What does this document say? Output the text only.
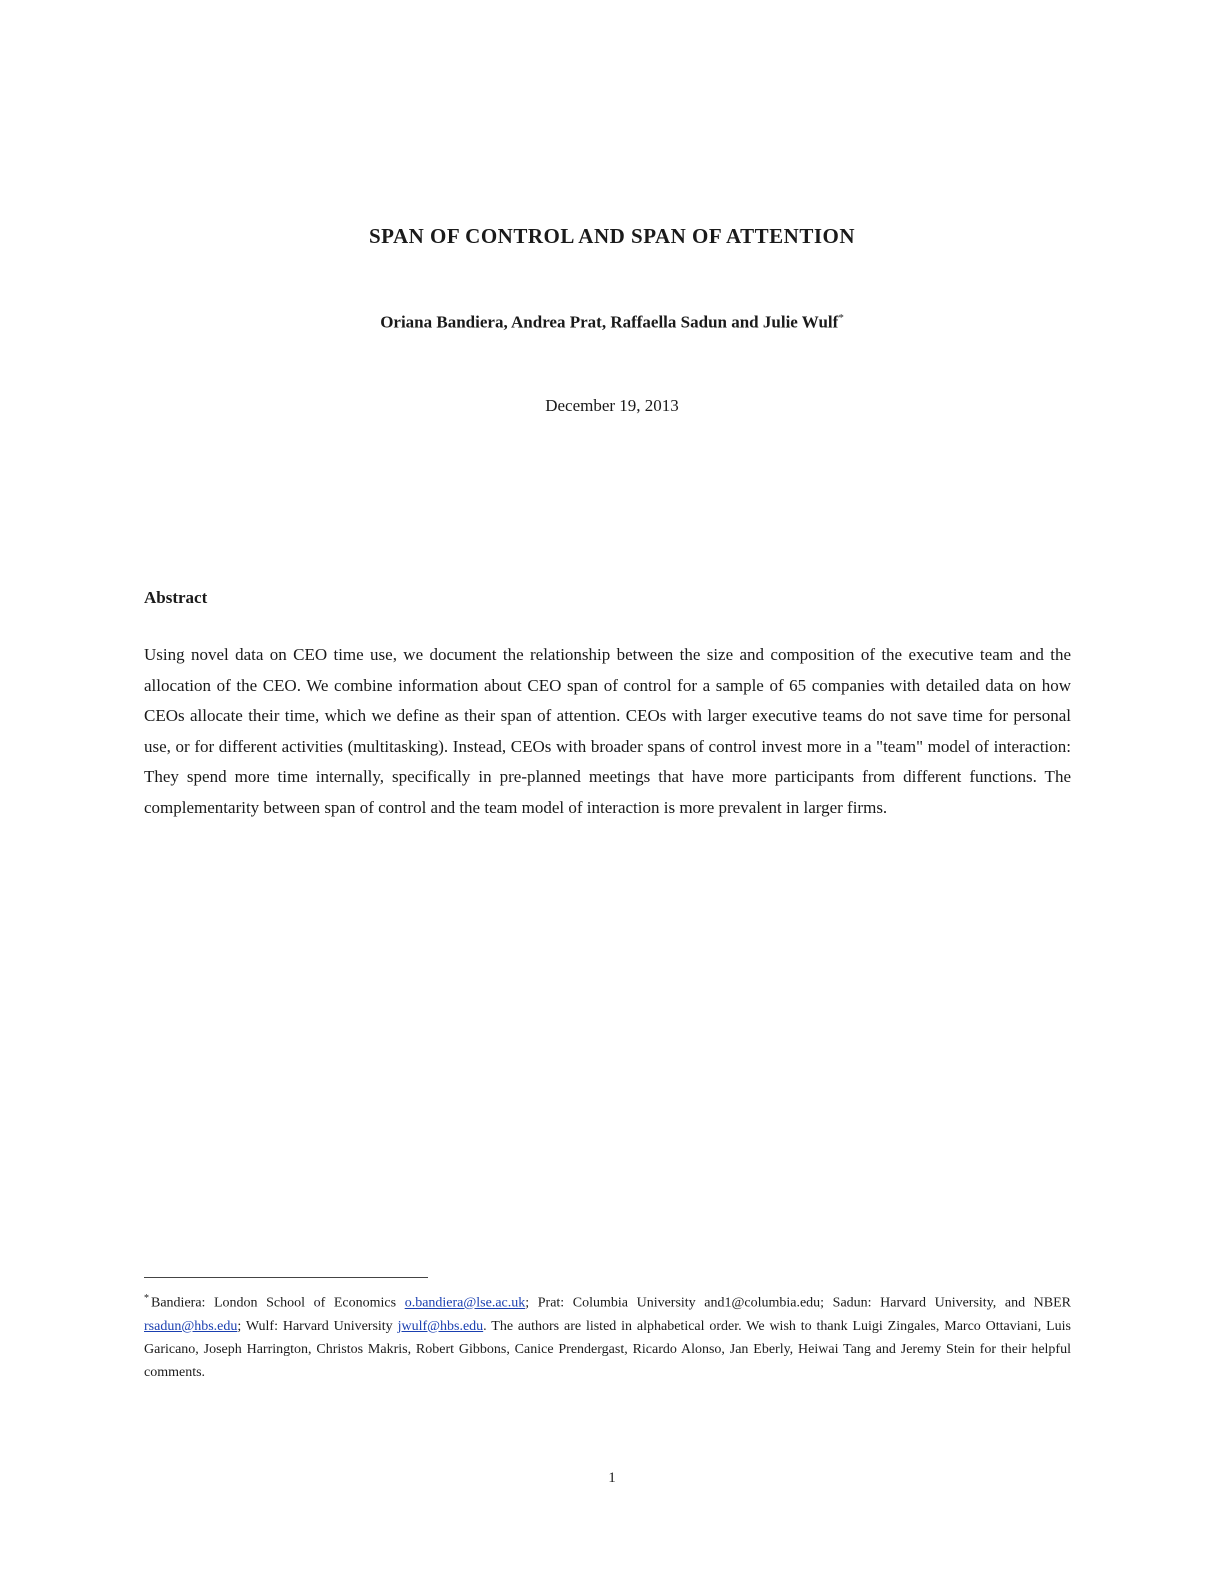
SPAN OF CONTROL AND SPAN OF ATTENTION
Oriana Bandiera, Andrea Prat, Raffaella Sadun and Julie Wulf*
December 19, 2013
Abstract
Using novel data on CEO time use, we document the relationship between the size and composition of the executive team and the allocation of the CEO. We combine information about CEO span of control for a sample of 65 companies with detailed data on how CEOs allocate their time, which we define as their span of attention. CEOs with larger executive teams do not save time for personal use, or for different activities (multitasking). Instead, CEOs with broader spans of control invest more in a "team" model of interaction: They spend more time internally, specifically in pre-planned meetings that have more participants from different functions. The complementarity between span of control and the team model of interaction is more prevalent in larger firms.
* Bandiera: London School of Economics o.bandiera@lse.ac.uk; Prat: Columbia University and1@columbia.edu; Sadun: Harvard University, and NBER rsadun@hbs.edu; Wulf: Harvard University jwulf@hbs.edu. The authors are listed in alphabetical order. We wish to thank Luigi Zingales, Marco Ottaviani, Luis Garicano, Joseph Harrington, Christos Makris, Robert Gibbons, Canice Prendergast, Ricardo Alonso, Jan Eberly, Heiwai Tang and Jeremy Stein for their helpful comments.
1
